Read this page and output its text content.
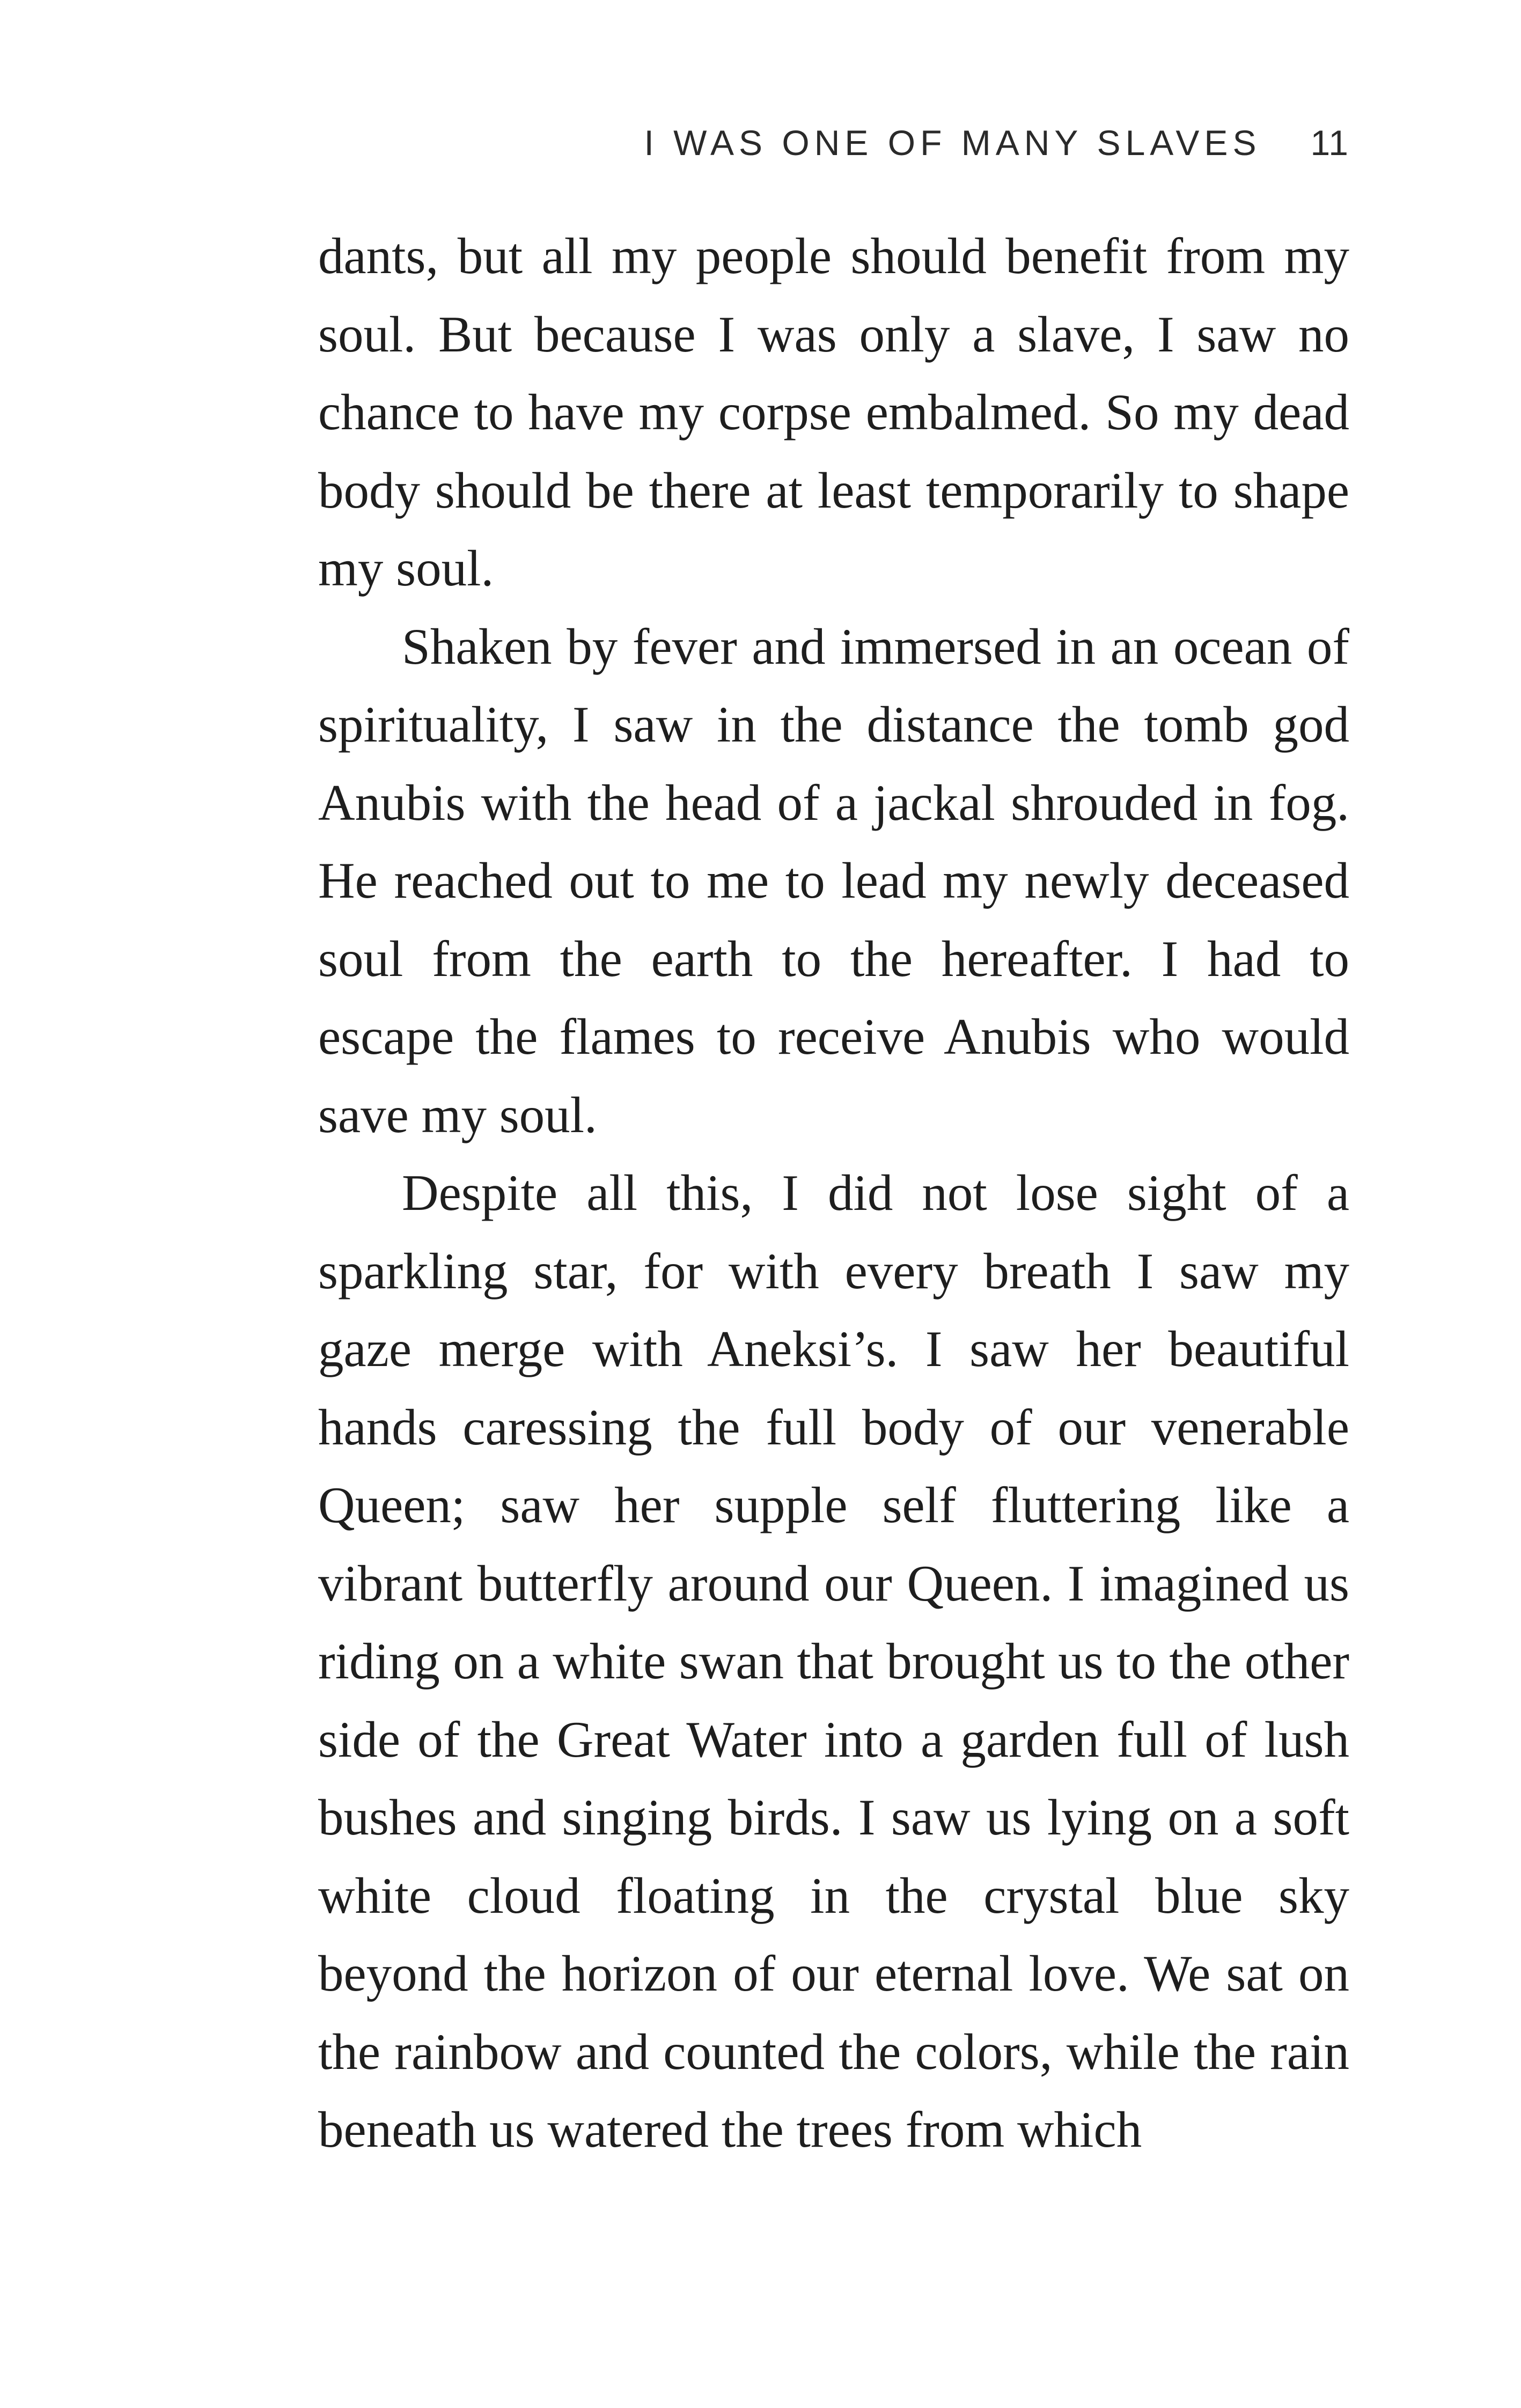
I WAS ONE OF MANY SLAVES 11

dants, but all my people should benefit from my soul. But because I was only a slave, I saw no chance to have my corpse embalmed. So my dead body should be there at least temporarily to shape my soul.

Shaken by fever and immersed in an ocean of spirituality, I saw in the distance the tomb god Anubis with the head of a jackal shrouded in fog. He reached out to me to lead my newly deceased soul from the earth to the hereafter. I had to escape the flames to receive Anubis who would save my soul.

Despite all this, I did not lose sight of a sparkling star, for with every breath I saw my gaze merge with Aneksi’s. I saw her beautiful hands caressing the full body of our venerable Queen; saw her supple self fluttering like a vibrant butterfly around our Queen. I imagined us riding on a white swan that brought us to the other side of the Great Water into a garden full of lush bushes and singing birds. I saw us lying on a soft white cloud floating in the crystal blue sky beyond the horizon of our eternal love. We sat on the rainbow and counted the colors, while the rain beneath us watered the trees from which
